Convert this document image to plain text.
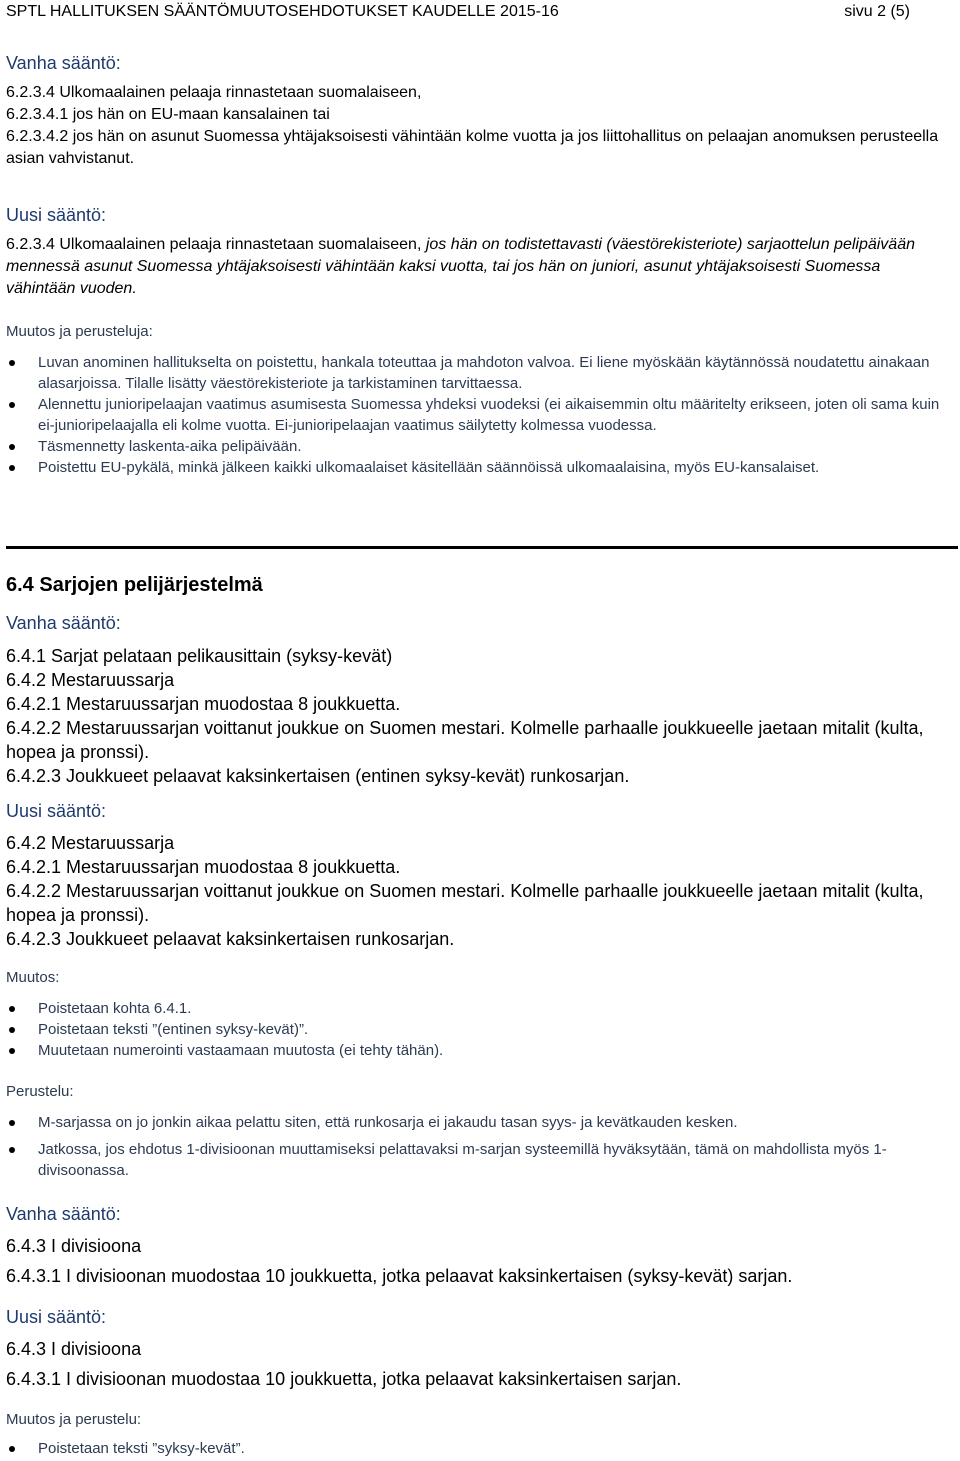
SPTL HALLITUKSEN SÄÄNTÖMUUTOSEHDOTUKSET KAUDELLE 2015-16	sivu 2 (5)
Vanha sääntö:
6.2.3.4 Ulkomaalainen pelaaja rinnastetaan suomalaiseen,
6.2.3.4.1 jos hän on EU-maan kansalainen tai
6.2.3.4.2 jos hän on asunut Suomessa yhtäjaksoisesti vähintään kolme vuotta ja jos liittohallitus on pelaajan anomuksen perusteella asian vahvistanut.
Uusi sääntö:
6.2.3.4 Ulkomaalainen pelaaja rinnastetaan suomalaiseen, jos hän on todistettavasti (väestörekisteriote) sarjaottelun pelipäivään mennessä asunut Suomessa yhtäjaksoisesti vähintään kaksi vuotta, tai jos hän on juniori, asunut yhtäjaksoisesti Suomessa vähintään vuoden.
Muutos ja perusteluja:
Luvan anominen hallitukselta on poistettu, hankala toteuttaa ja mahdoton valvoa. Ei liene myöskään käytännössä noudatettu ainakaan alasarjoissa. Tilalle lisätty väestörekisteriote ja tarkistaminen tarvittaessa.
Alennettu junioripelaajan vaatimus asumisesta Suomessa yhdeksi vuodeksi (ei aikaisemmin oltu määritelty erikseen, joten oli sama kuin ei-junioripelaajalla eli kolme vuotta. Ei-junioripelaajan vaatimus säilytetty kolmessa vuodessa.
Täsmennetty laskenta-aika pelipäivään.
Poistettu EU-pykälä, minkä jälkeen kaikki ulkomaalaiset käsitellään säännöissä ulkomaalaisina, myös EU-kansalaiset.
6.4 Sarjojen pelijärjestelmä
Vanha sääntö:
6.4.1 Sarjat pelataan pelikausittain (syksy-kevät)
6.4.2 Mestaruussarja
6.4.2.1 Mestaruussarjan muodostaa 8 joukkuetta.
6.4.2.2 Mestaruussarjan voittanut joukkue on Suomen mestari. Kolmelle parhaalle joukkueelle jaetaan mitalit (kulta, hopea ja pronssi).
6.4.2.3 Joukkueet pelaavat kaksinkertaisen (entinen syksy-kevät) runkosarjan.
Uusi sääntö:
6.4.2 Mestaruussarja
6.4.2.1 Mestaruussarjan muodostaa 8 joukkuetta.
6.4.2.2 Mestaruussarjan voittanut joukkue on Suomen mestari. Kolmelle parhaalle joukkueelle jaetaan mitalit (kulta, hopea ja pronssi).
6.4.2.3 Joukkueet pelaavat kaksinkertaisen runkosarjan.
Muutos:
Poistetaan kohta 6.4.1.
Poistetaan teksti ”(entinen syksy-kevät)”.
Muutetaan numerointi vastaamaan muutosta (ei tehty tähän).
Perustelu:
M-sarjassa on jo jonkin aikaa pelattu siten, että runkosarja ei jakaudu tasan syys- ja kevätkauden kesken.
Jatkossa, jos ehdotus 1-divisioonan muuttamiseksi pelattavaksi m-sarjan systeemillä hyväksytään, tämä on mahdollista myös 1-divisoonassa.
Vanha sääntö:
6.4.3 I divisioona
6.4.3.1 I divisioonan muodostaa 10 joukkuetta, jotka pelaavat kaksinkertaisen (syksy-kevät) sarjan.
Uusi sääntö:
6.4.3 I divisioona
6.4.3.1 I divisioonan muodostaa 10 joukkuetta, jotka pelaavat kaksinkertaisen sarjan.
Muutos ja perustelu:
Poistetaan teksti ”syksy-kevät”.
